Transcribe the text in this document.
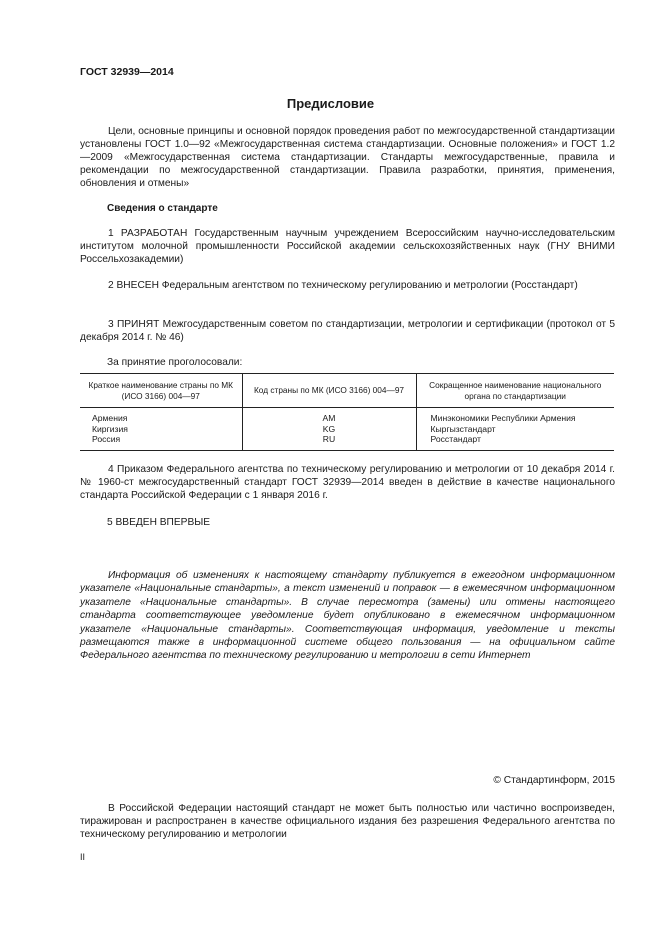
ГОСТ 32939—2014
Предисловие

Цели, основные принципы и основной порядок проведения работ по межгосударственной стандартизации установлены ГОСТ 1.0—92 «Межгосударственная система стандартизации. Основные положения» и ГОСТ 1.2—2009 «Межгосударственная система стандартизации. Стандарты межгосударственные, правила и рекомендации по межгосударственной стандартизации. Правила разработки, принятия, применения, обновления и отмены»

Сведения о стандарте

1 РАЗРАБОТАН Государственным научным учреждением Всероссийским научно-исследовательским институтом молочной промышленности Российской академии сельскохозяйственных наук (ГНУ ВНИМИ Россельхозакадемии)

2 ВНЕСЕН Федеральным агентством по техническому регулированию и метрологии (Росстандарт)

3 ПРИНЯТ Межгосударственным советом по стандартизации, метрологии и сертификации (протокол от 5 декабря 2014 г. № 46)

За принятие проголосовали:
Краткое наименование страны по МК (ИСО 3166) 004—97	Код страны по МК (ИСО 3166) 004—97	Сокращенное наименование национального органа по стандартизации
Армения	AM	Минэкономики Республики Армения
Киргизия	KG	Кыргызстандарт
Россия	RU	Росстандарт

4 Приказом Федерального агентства по техническому регулированию и метрологии от 10 декабря 2014 г. № 1960-ст межгосударственный стандарт ГОСТ 32939—2014 введен в действие в качестве национального стандарта Российской Федерации с 1 января 2016 г.

5 ВВЕДЕН ВПЕРВЫЕ

Информация об изменениях к настоящему стандарту публикуется в ежегодном информационном указателе «Национальные стандарты», а текст изменений и поправок — в ежемесячном информационном указателе «Национальные стандарты». В случае пересмотра (замены) или отмены настоящего стандарта соответствующее уведомление будет опубликовано в ежемесячном информационном указателе «Национальные стандарты». Соответствующая информация, уведомление и тексты размещаются также в информационной системе общего пользования — на официальном сайте Федерального агентства по техническому регулированию и метрологии в сети Интернет

© Стандартинформ, 2015

В Российской Федерации настоящий стандарт не может быть полностью или частично воспроизведен, тиражирован и распространен в качестве официального издания без разрешения Федерального агентства по техническому регулированию и метрологии

II
